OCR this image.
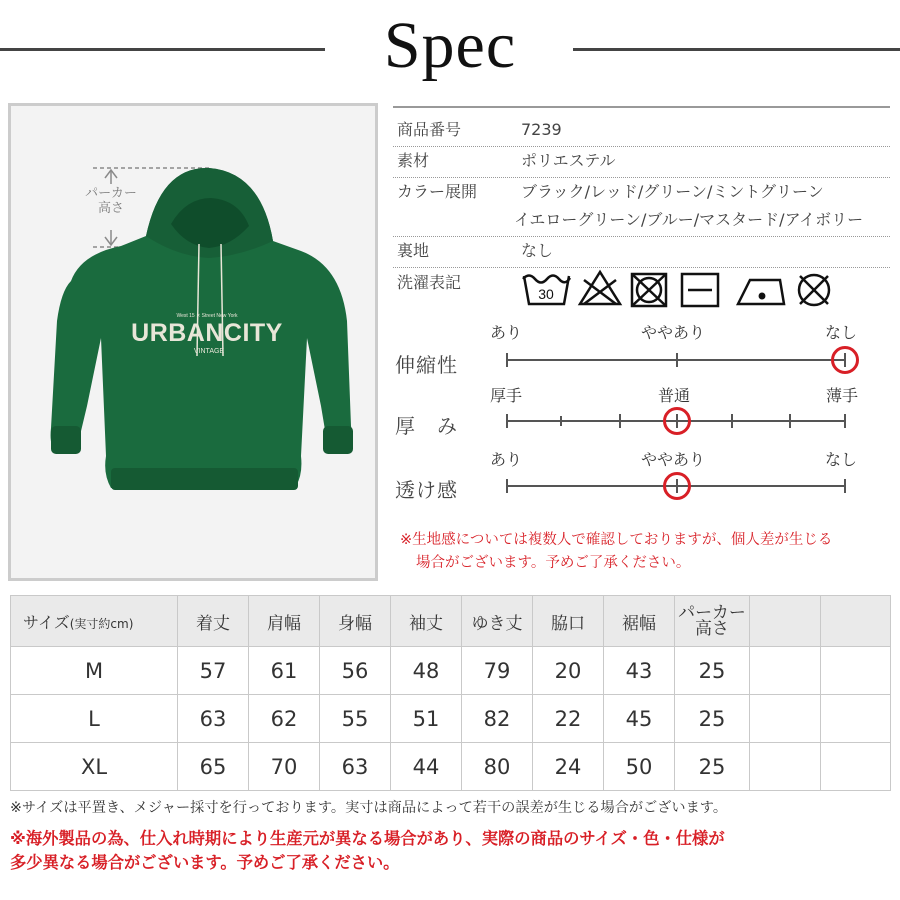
Spec
West 15 ✕ Street New York
URBANCITY
VINTAGE
パーカー
高さ
商品番号	7239
素材	ポリエステル
カラー展開	ブラック/レッド/グリーン/ミントグリーン
イエローグリーン/ブルー/マスタード/アイボリー
裏地	なし
洗濯表記
30
伸縮性
あり	ややあり	なし
厚　み
厚手	普通	薄手
透け感
あり	ややあり	なし
※生地感については複数人で確認しておりますが、個人差が生じる
場合がございます。予めご了承ください。
サイズ(実寸約cm)	着丈	肩幅	身幅	袖丈	ゆき丈	脇口	裾幅	パーカー
高さ		

M	57	61	56	48	79	20	43	25		
L	63	62	55	51	82	22	45	25		
XL	65	70	63	44	80	24	50	25		
※サイズは平置き、メジャー採寸を行っております。実寸は商品によって若干の誤差が生じる場合がございます。
※海外製品の為、仕入れ時期により生産元が異なる場合があり、実際の商品のサイズ・色・仕様が
多少異なる場合がございます。予めご了承ください。
